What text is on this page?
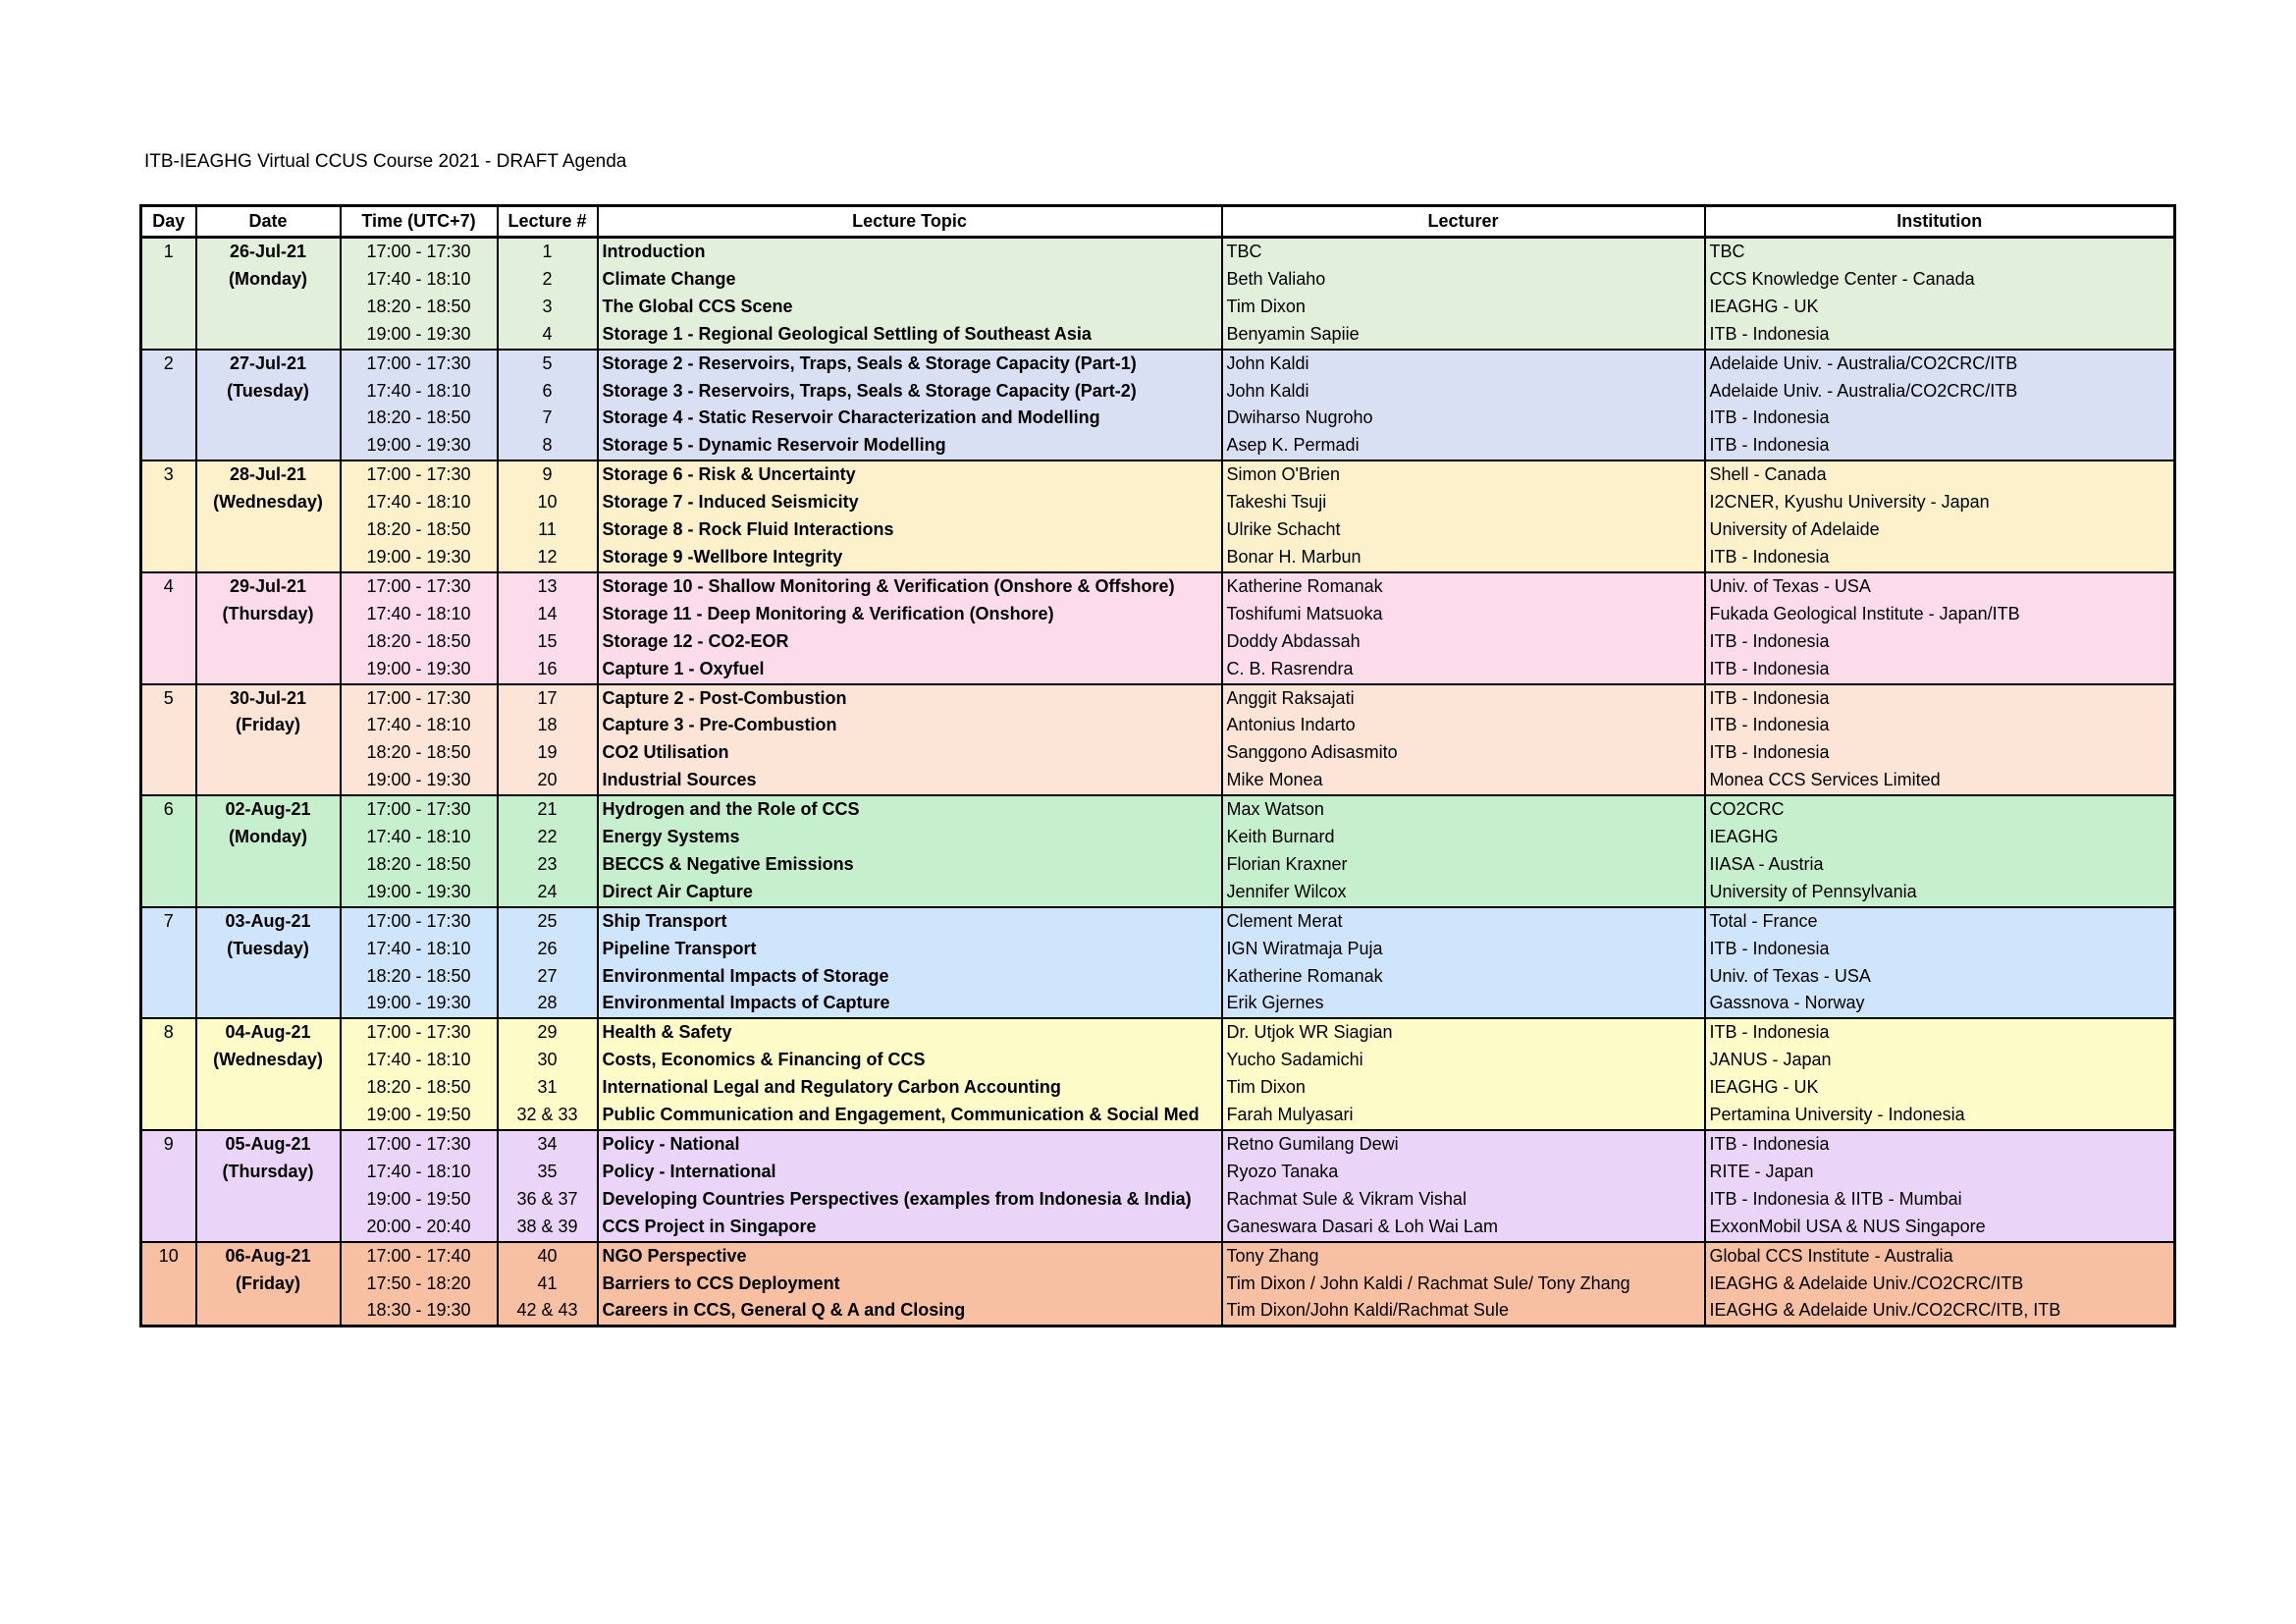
ITB-IEAGHG Virtual CCUS Course 2021 - DRAFT Agenda
Day	Date	Time (UTC+7)	Lecture #	Lecture Topic	Lecturer	Institution
1	26-Jul-21	17:00 - 17:30	1	Introduction	TBC	TBC
	(Monday)	17:40 - 18:10	2	Climate Change	Beth Valiaho	CCS Knowledge Center - Canada
		18:20 - 18:50	3	The Global CCS Scene	Tim Dixon	IEAGHG - UK
		19:00 - 19:30	4	Storage 1 - Regional Geological Settling of Southeast Asia	Benyamin Sapiie	ITB - Indonesia
2	27-Jul-21	17:00 - 17:30	5	Storage 2 - Reservoirs, Traps, Seals & Storage Capacity (Part-1)	John Kaldi	Adelaide Univ. - Australia/CO2CRC/ITB
	(Tuesday)	17:40 - 18:10	6	Storage 3 - Reservoirs, Traps, Seals & Storage Capacity (Part-2)	John Kaldi	Adelaide Univ. - Australia/CO2CRC/ITB
		18:20 - 18:50	7	Storage 4 - Static Reservoir Characterization and Modelling	Dwiharso Nugroho	ITB - Indonesia
		19:00 - 19:30	8	Storage 5 - Dynamic Reservoir Modelling	Asep K. Permadi	ITB - Indonesia
3	28-Jul-21	17:00 - 17:30	9	Storage 6 - Risk & Uncertainty	Simon O'Brien	Shell - Canada
	(Wednesday)	17:40 - 18:10	10	Storage 7 - Induced Seismicity	Takeshi Tsuji	I2CNER, Kyushu University - Japan
		18:20 - 18:50	11	Storage 8 - Rock Fluid Interactions	Ulrike Schacht	University of Adelaide
		19:00 - 19:30	12	Storage 9 -Wellbore Integrity	Bonar H. Marbun	ITB - Indonesia
4	29-Jul-21	17:00 - 17:30	13	Storage 10 - Shallow Monitoring & Verification (Onshore & Offshore)	Katherine Romanak	Univ. of Texas - USA
	(Thursday)	17:40 - 18:10	14	Storage 11 - Deep Monitoring & Verification (Onshore)	Toshifumi Matsuoka	Fukada Geological Institute - Japan/ITB
		18:20 - 18:50	15	Storage 12 - CO2-EOR	Doddy Abdassah	ITB - Indonesia
		19:00 - 19:30	16	Capture 1 - Oxyfuel	C. B. Rasrendra	ITB - Indonesia
5	30-Jul-21	17:00 - 17:30	17	Capture 2 - Post-Combustion	Anggit Raksajati	ITB - Indonesia
	(Friday)	17:40 - 18:10	18	Capture 3 - Pre-Combustion	Antonius Indarto	ITB - Indonesia
		18:20 - 18:50	19	CO2 Utilisation	Sanggono Adisasmito	ITB - Indonesia
		19:00 - 19:30	20	Industrial Sources	Mike Monea	Monea CCS Services Limited
6	02-Aug-21	17:00 - 17:30	21	Hydrogen and the Role of CCS	Max Watson	CO2CRC
	(Monday)	17:40 - 18:10	22	Energy Systems	Keith Burnard	IEAGHG
		18:20 - 18:50	23	BECCS & Negative Emissions	Florian Kraxner	IIASA - Austria
		19:00 - 19:30	24	Direct Air Capture	Jennifer Wilcox	University of Pennsylvania
7	03-Aug-21	17:00 - 17:30	25	Ship Transport	Clement Merat	Total - France
	(Tuesday)	17:40 - 18:10	26	Pipeline Transport	IGN Wiratmaja Puja	ITB - Indonesia
		18:20 - 18:50	27	Environmental Impacts of Storage	Katherine Romanak	Univ. of Texas - USA
		19:00 - 19:30	28	Environmental Impacts of Capture	Erik Gjernes	Gassnova - Norway
8	04-Aug-21	17:00 - 17:30	29	Health & Safety	Dr. Utjok WR Siagian	ITB - Indonesia
	(Wednesday)	17:40 - 18:10	30	Costs, Economics & Financing of CCS	Yucho Sadamichi	JANUS - Japan
		18:20 - 18:50	31	International Legal and Regulatory Carbon Accounting	Tim Dixon	IEAGHG - UK
		19:00 - 19:50	32 & 33	Public Communication and Engagement, Communication & Social Med	Farah Mulyasari	Pertamina University - Indonesia
9	05-Aug-21	17:00 - 17:30	34	Policy - National	Retno Gumilang Dewi	ITB - Indonesia
	(Thursday)	17:40 - 18:10	35	Policy - International	Ryozo Tanaka	RITE - Japan
		19:00 - 19:50	36 & 37	Developing Countries Perspectives (examples from Indonesia & India)	Rachmat Sule & Vikram Vishal	ITB - Indonesia & IITB - Mumbai
		20:00 - 20:40	38 & 39	CCS Project in Singapore	Ganeswara Dasari & Loh Wai Lam	ExxonMobil USA & NUS Singapore
10	06-Aug-21	17:00 - 17:40	40	NGO Perspective	Tony Zhang	Global CCS Institute - Australia
	(Friday)	17:50 - 18:20	41	Barriers to CCS Deployment	Tim Dixon / John Kaldi / Rachmat Sule/ Tony Zhang	IEAGHG & Adelaide Univ./CO2CRC/ITB
		18:30 - 19:30	42 & 43	Careers in CCS, General Q & A and Closing	Tim Dixon/John Kaldi/Rachmat Sule	IEAGHG & Adelaide Univ./CO2CRC/ITB, ITB
